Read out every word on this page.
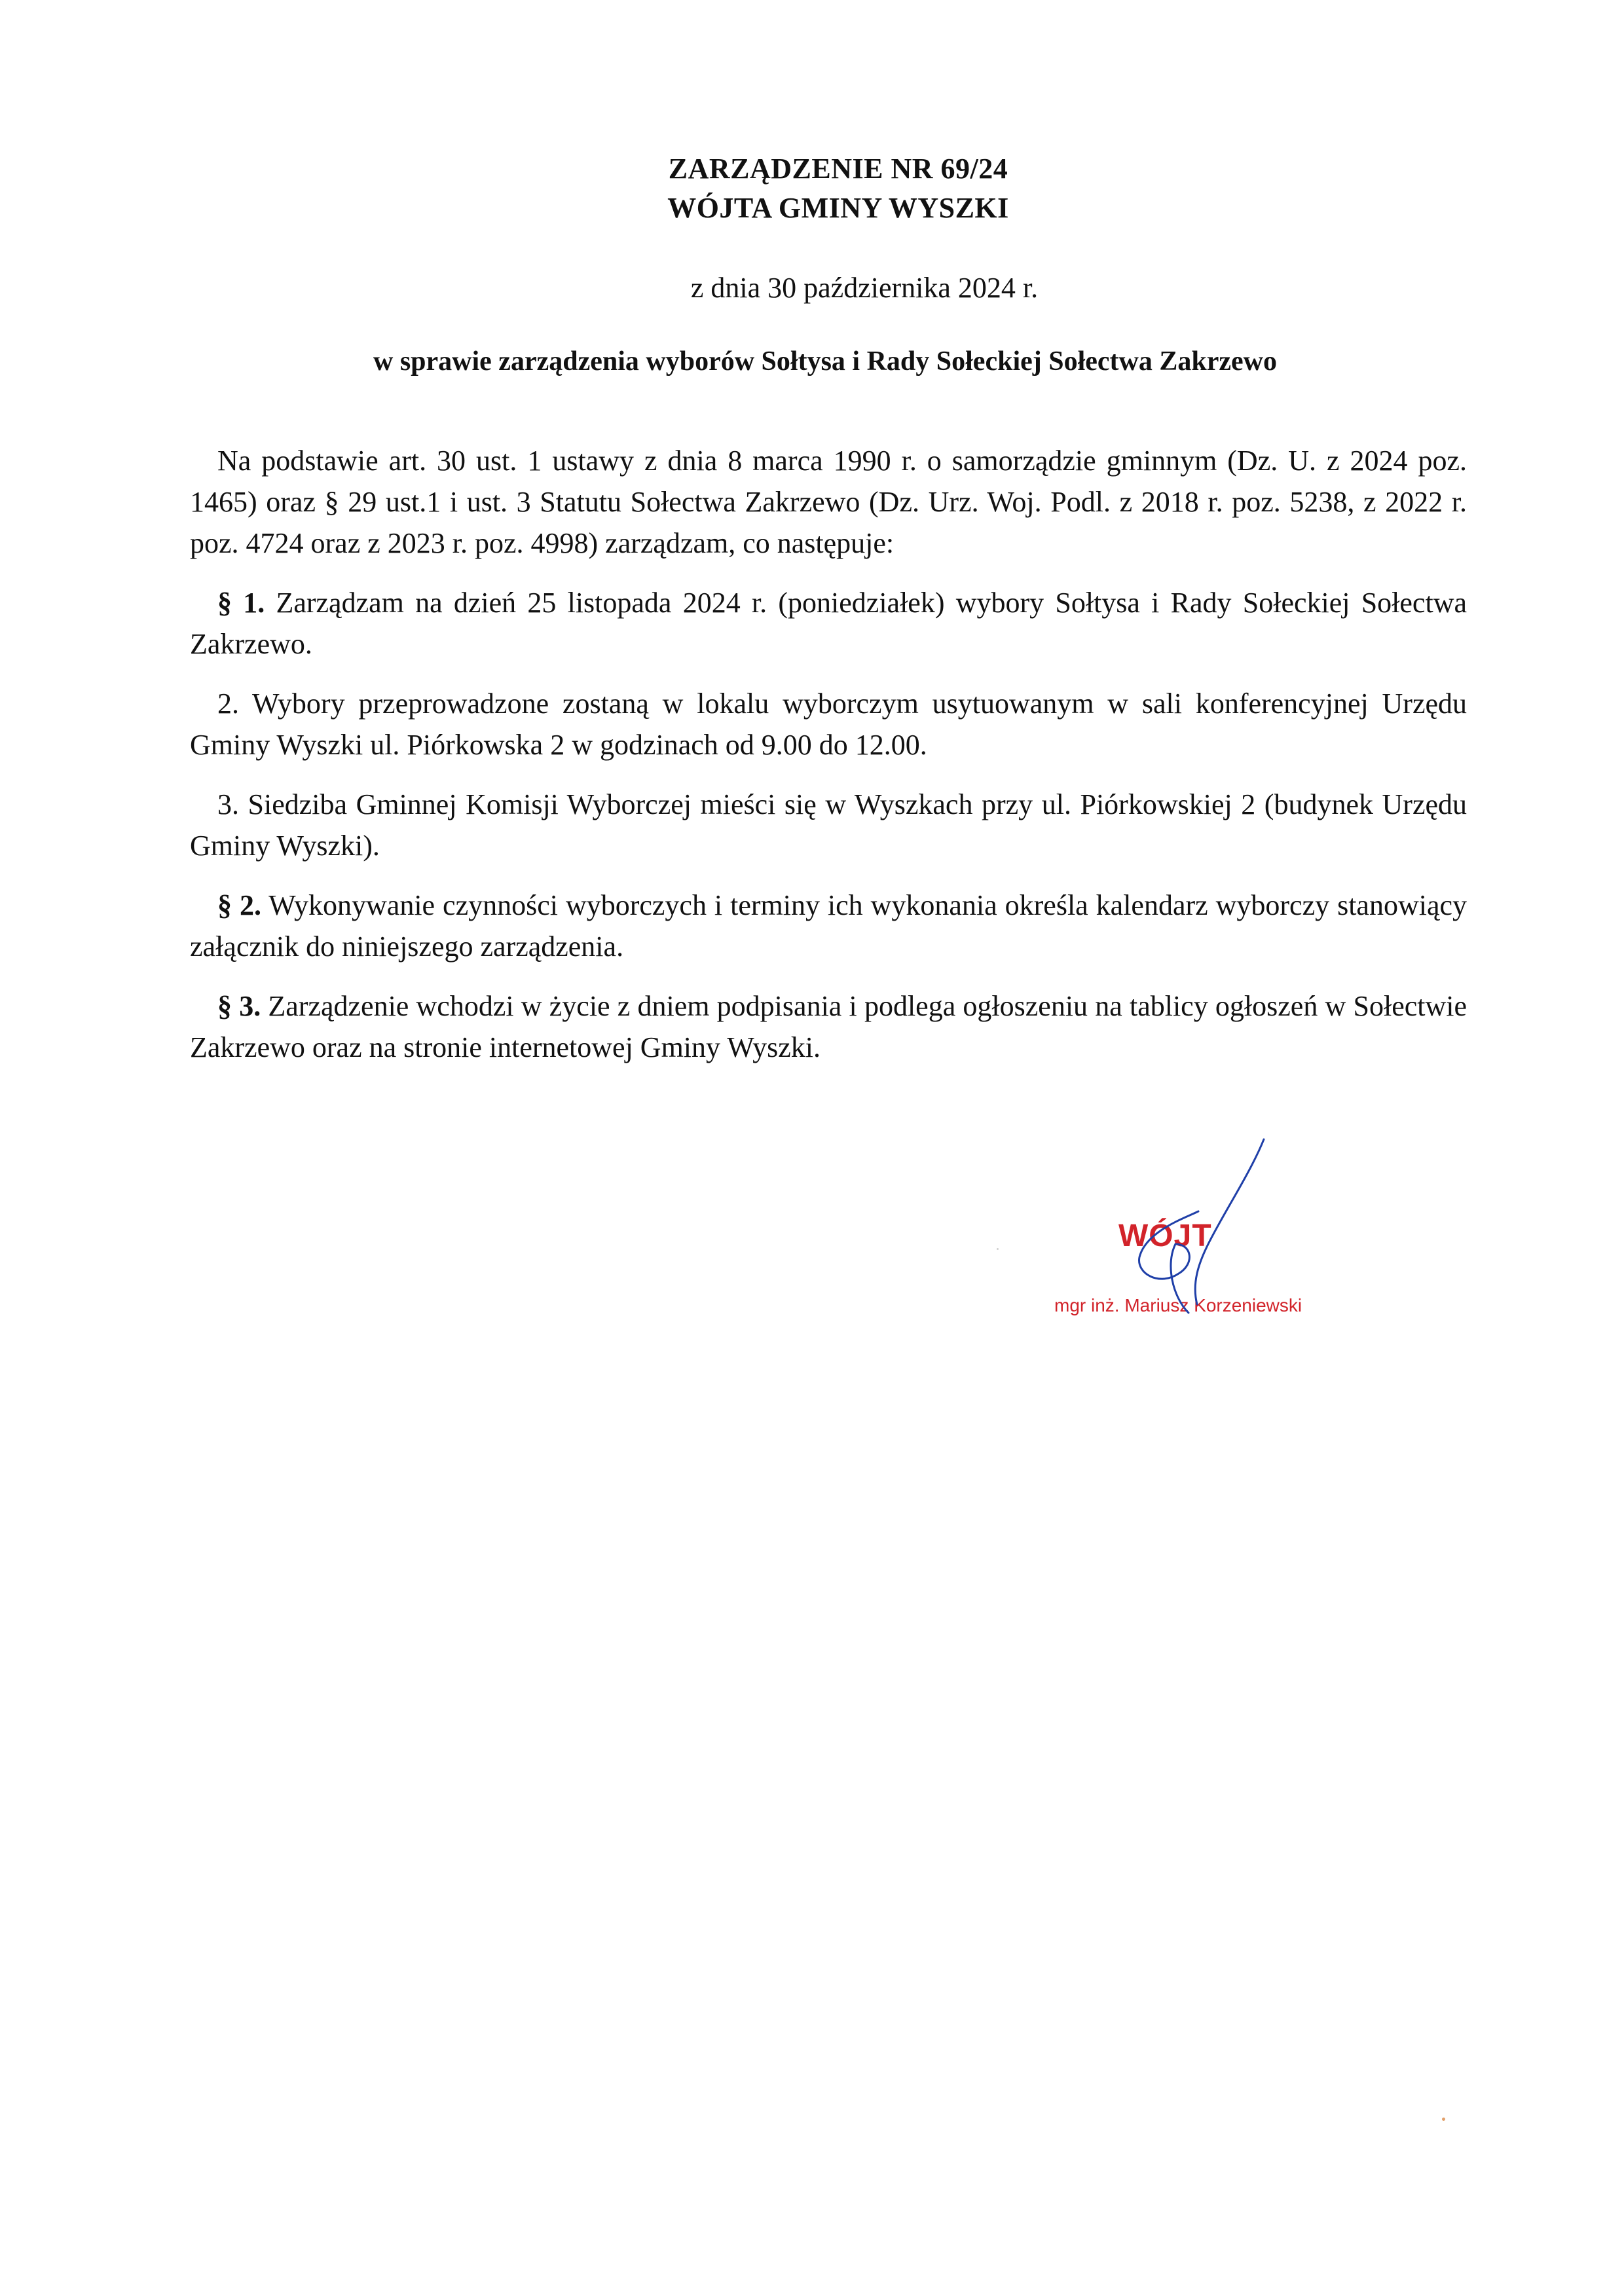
ZARZĄDZENIE NR 69/24
WÓJTA GMINY WYSZKI
z dnia 30 października 2024 r.
w sprawie zarządzenia wyborów Sołtysa i Rady Sołeckiej Sołectwa Zakrzewo

Na podstawie art. 30 ust. 1 ustawy z dnia 8 marca 1990 r. o samorządzie gminnym (Dz. U. z 2024 poz. 1465) oraz § 29 ust.1 i ust. 3 Statutu Sołectwa Zakrzewo (Dz. Urz. Woj. Podl. z 2018 r. poz. 5238, z 2022 r. poz. 4724 oraz z 2023 r. poz. 4998) zarządzam, co następuje:

§ 1. Zarządzam na dzień 25 listopada 2024 r. (poniedziałek) wybory Sołtysa i Rady Sołeckiej Sołectwa Zakrzewo.

2. Wybory przeprowadzone zostaną w lokalu wyborczym usytuowanym w sali konferencyjnej Urzędu Gminy Wyszki ul. Piórkowska 2 w godzinach od 9.00 do 12.00.

3. Siedziba Gminnej Komisji Wyborczej mieści się w Wyszkach przy ul. Piórkowskiej 2 (budynek Urzędu Gminy Wyszki).

§ 2. Wykonywanie czynności wyborczych i terminy ich wykonania określa kalendarz wyborczy stanowiący załącznik do niniejszego zarządzenia.

§ 3. Zarządzenie wchodzi w życie z dniem podpisania i podlega ogłoszeniu na tablicy ogłoszeń w Sołectwie Zakrzewo oraz na stronie internetowej Gminy Wyszki.

WÓJT
mgr inż. Mariusz Korzeniewski
